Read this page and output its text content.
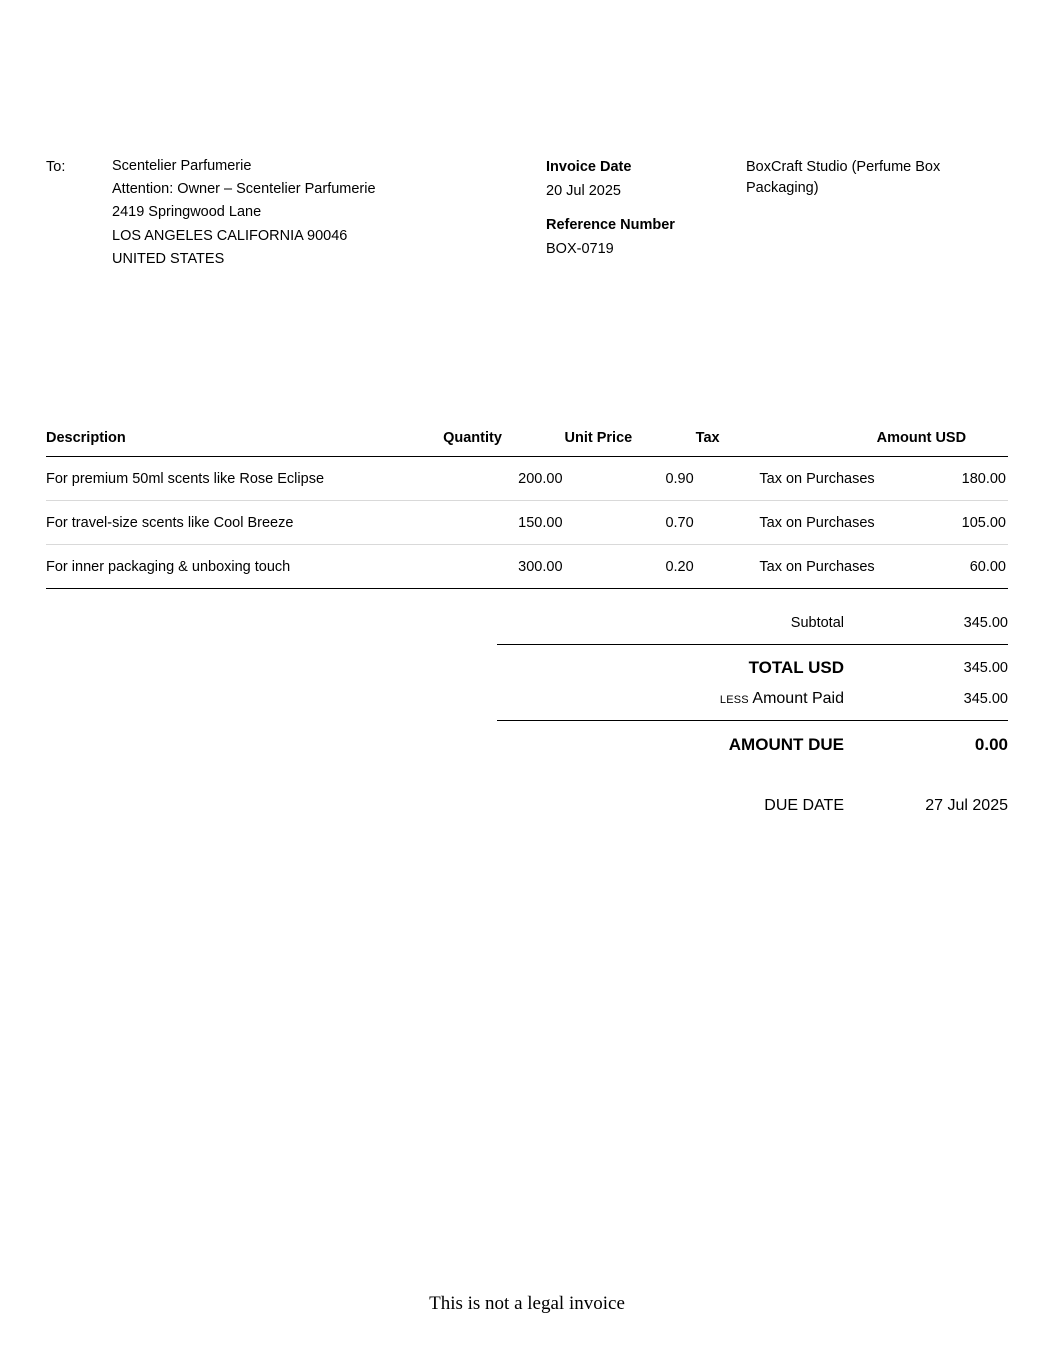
To:	Scentelier Parfumerie
Attention: Owner – Scentelier Parfumerie
2419 Springwood Lane
LOS ANGELES CALIFORNIA 90046
UNITED STATES
Invoice Date
20 Jul 2025
Reference Number
BOX-0719
BoxCraft Studio (Perfume Box Packaging)
Description	Quantity	Unit Price	Tax	Amount USD
For premium 50ml scents like Rose Eclipse	200.00	0.90	Tax on Purchases	180.00
For travel-size scents like Cool Breeze	150.00	0.70	Tax on Purchases	105.00
For inner packaging & unboxing touch	300.00	0.20	Tax on Purchases	60.00
Subtotal	345.00
TOTAL USD	345.00
LESS Amount Paid	345.00
AMOUNT DUE	0.00
DUE DATE	27 Jul 2025
This is not a legal invoice
